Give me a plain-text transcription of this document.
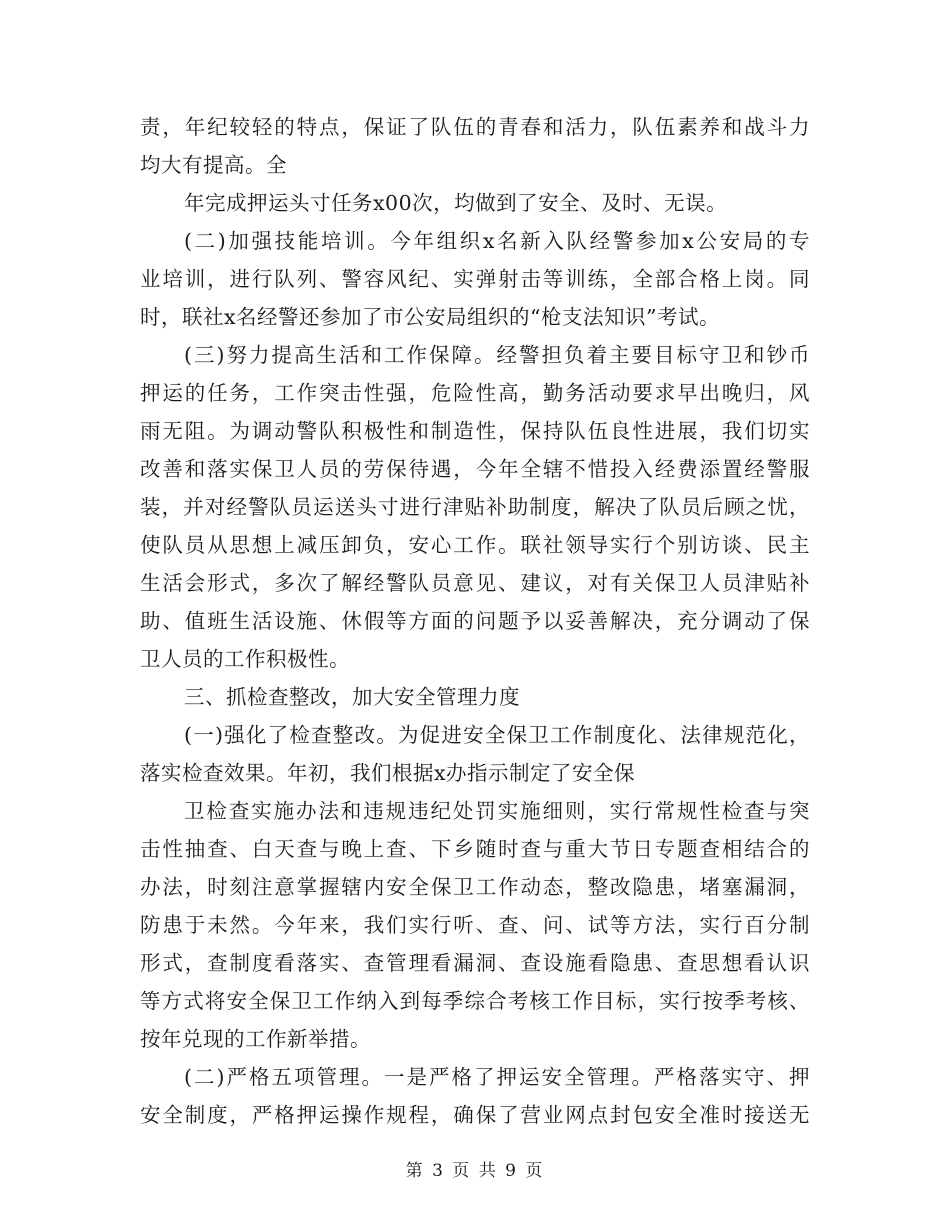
责，年纪较轻的特点，保证了队伍的青春和活力，队伍素养和战斗力
均大有提高。全
年完成押运头寸任务x00次，均做到了安全、及时、无误。
(二)加强技能培训。今年组织x名新入队经警参加x公安局的专
业培训，进行队列、警容风纪、实弹射击等训练，全部合格上岗。同
时，联社x名经警还参加了市公安局组织的“枪支法知识”考试。
(三)努力提高生活和工作保障。经警担负着主要目标守卫和钞币
押运的任务，工作突击性强，危险性高，勤务活动要求早出晚归，风
雨无阻。为调动警队积极性和制造性，保持队伍良性进展，我们切实
改善和落实保卫人员的劳保待遇，今年全辖不惜投入经费添置经警服
装，并对经警队员运送头寸进行津贴补助制度，解决了队员后顾之忧，
使队员从思想上减压卸负，安心工作。联社领导实行个别访谈、民主
生活会形式，多次了解经警队员意见、建议，对有关保卫人员津贴补
助、值班生活设施、休假等方面的问题予以妥善解决，充分调动了保
卫人员的工作积极性。
三、抓检查整改，加大安全管理力度
(一)强化了检查整改。为促进安全保卫工作制度化、法律规范化，
落实检查效果。年初，我们根据x办指示制定了安全保
卫检查实施办法和违规违纪处罚实施细则，实行常规性检查与突
击性抽查、白天查与晚上查、下乡随时查与重大节日专题查相结合的
办法，时刻注意掌握辖内安全保卫工作动态，整改隐患，堵塞漏洞，
防患于未然。今年来，我们实行听、查、问、试等方法，实行百分制
形式，查制度看落实、查管理看漏洞、查设施看隐患、查思想看认识
等方式将安全保卫工作纳入到每季综合考核工作目标，实行按季考核、
按年兑现的工作新举措。
(二)严格五项管理。一是严格了押运安全管理。严格落实守、押
安全制度，严格押运操作规程，确保了营业网点封包安全准时接送无
第 3 页 共 9 页
